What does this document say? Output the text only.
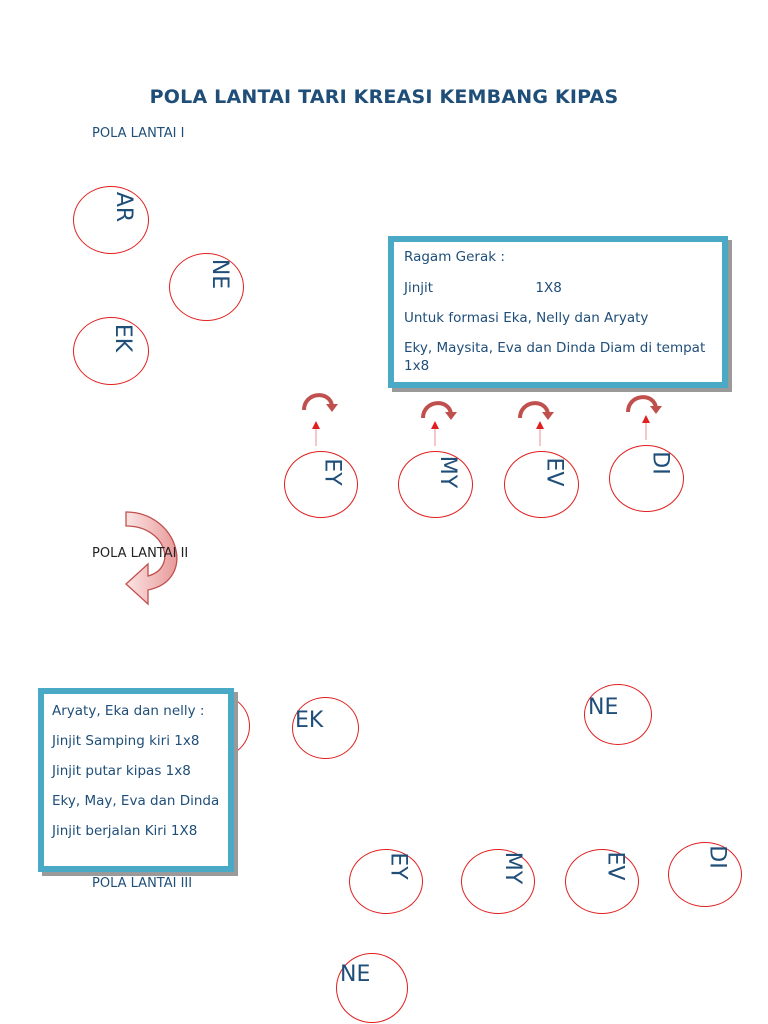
POLA LANTAI TARI KREASI KEMBANG KIPAS
POLA LANTAI I
AR
NE
EK

Ragam Gerak :

Jinjit	1X8

Untuk formasi Eka, Nelly dan Aryaty

Eky, Maysita, Eva dan Dinda Diam di tempat 1x8

EY	MY	EV	DI
POLA LANTAI II

Aryaty, Eka dan nelly :

Jinjit Samping kiri 1x8

Jinjit putar kipas 1x8

Eky, May, Eva dan Dinda

Jinjit berjalan Kiri 1X8

EK
NE
EY	MY	EV	DI
POLA LANTAI III
NE
